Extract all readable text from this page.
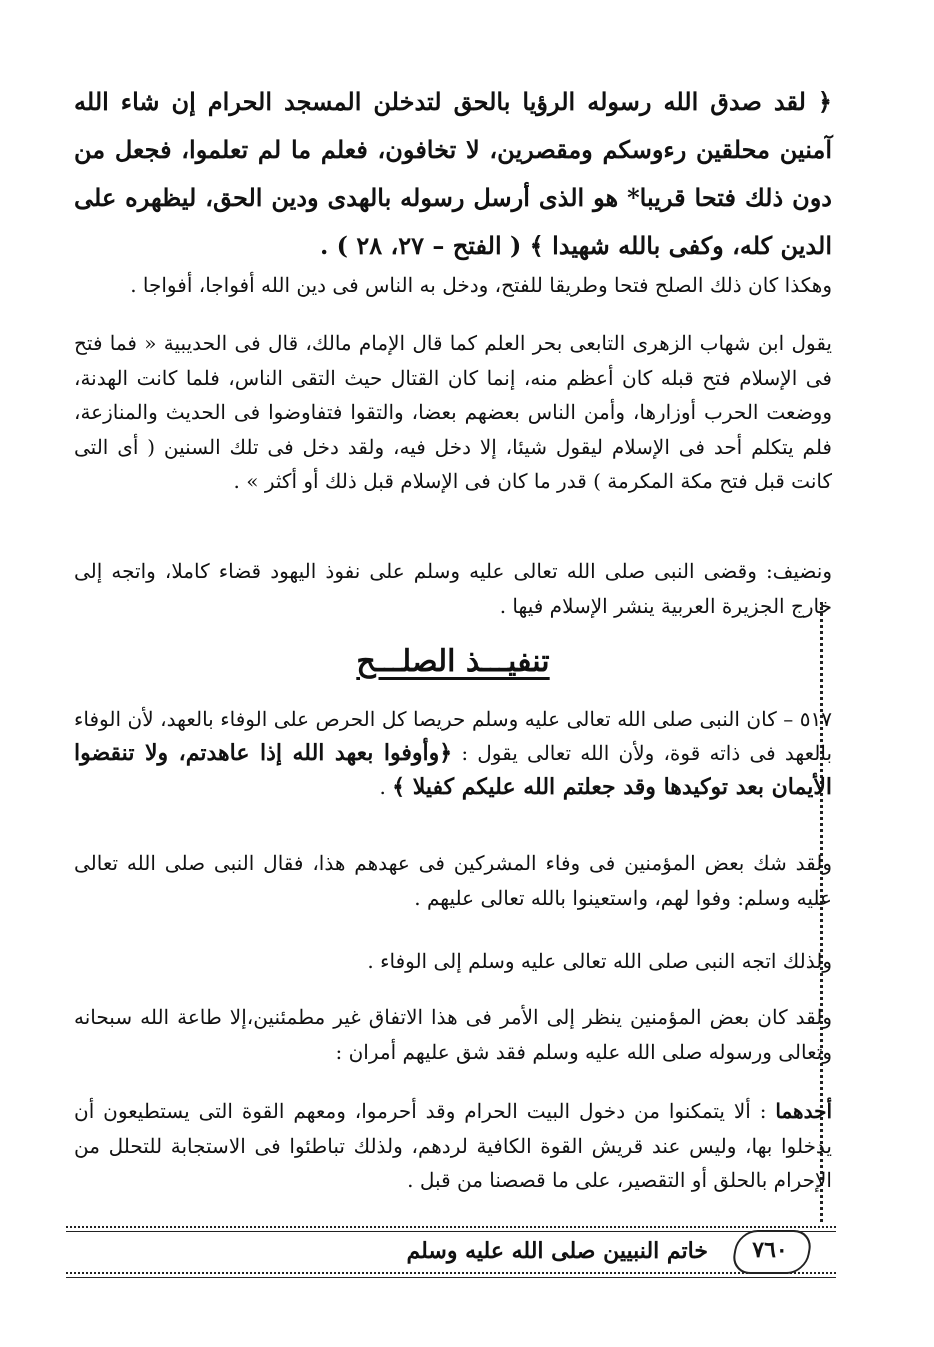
﴿ لقد صدق الله رسوله الرؤيا بالحق لتدخلن المسجد الحرام إن شاء الله آمنين محلقين رءوسكم ومقصرين، لا تخافون، فعلم ما لم تعلموا، فجعل من دون ذلك فتحا قريبا* هو الذى أرسل رسوله بالهدى ودين الحق، ليظهره على الدين كله، وكفى بالله شهيدا ﴾ ( الفتح – ٢٧، ٢٨ ) .
وهكذا كان ذلك الصلح فتحا وطريقا للفتح، ودخل به الناس فى دين الله أفواجا، أفواجا .
يقول ابن شهاب الزهرى التابعى بحر العلم كما قال الإمام مالك، قال فى الحديبية « فما فتح فى الإسلام فتح قبله كان أعظم منه، إنما كان القتال حيث التقى الناس، فلما كانت الهدنة، ووضعت الحرب أوزارها، وأمن الناس بعضهم بعضا، والتقوا فتفاوضوا فى الحديث والمنازعة، فلم يتكلم أحد فى الإسلام ليقول شيئا، إلا دخل فيه، ولقد دخل فى تلك السنين ( أى التى كانت قبل فتح مكة المكرمة ) قدر ما كان فى الإسلام قبل ذلك أو أكثر » .
ونضيف: وقضى النبى صلى الله تعالى عليه وسلم على نفوذ اليهود قضاء كاملا، واتجه إلى خارج الجزيرة العربية ينشر الإسلام فيها .
تنفيـــذ الصلـــح
٥١٧ – كان النبى صلى الله تعالى عليه وسلم حريصا كل الحرص على الوفاء بالعهد، لأن الوفاء بالعهد فى ذاته قوة، ولأن الله تعالى يقول : ﴿وأوفوا بعهد الله إذا عاهدتم، ولا تنقضوا الأيمان بعد توكيدها وقد جعلتم الله عليكم كفيلا ﴾ .
ولقد شك بعض المؤمنين فى وفاء المشركين فى عهدهم هذا، فقال النبى صلى الله تعالى عليه وسلم: وفوا لهم، واستعينوا بالله تعالى عليهم .
ولذلك اتجه النبى صلى الله تعالى عليه وسلم إلى الوفاء .
ولقد كان بعض المؤمنين ينظر إلى الأمر فى هذا الاتفاق غير مطمئنين،إلا طاعة الله سبحانه وتعالى ورسوله صلى الله عليه وسلم فقد شق عليهم أمران :
أحدهما : ألا يتمكنوا من دخول البيت الحرام وقد أحرموا، ومعهم القوة التى يستطيعون أن يدخلوا بها، وليس عند قريش القوة الكافية لردهم، ولذلك تباطئوا فى الاستجابة للتحلل من الإحرام بالحلق أو التقصير، على ما قصصنا من قبل .
خاتم النبيين صلى الله عليه وسلم	٧٦٠
